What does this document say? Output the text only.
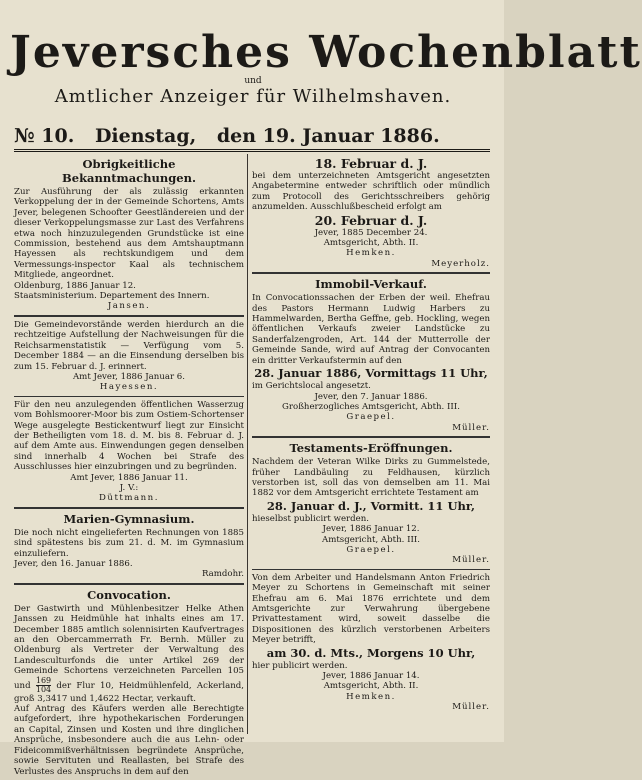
Jeversches Wochenblatt
und
Amtlicher Anzeiger für Wilhelmshaven.
№ 10. Dienstag, den 19. Januar 1886.
Obrigkeitliche Bekanntmachungen.
Zur Ausführung der als zulässig erkannten Verkoppelung der in der Gemeinde Schortens, Amts Jever, belegenen Schoofter Geestländereien und der dieser Verkoppelungsmasse zur Last des Verfahrens etwa noch hinzuzulegenden Grundstücke ist eine Commission, bestehend aus dem Amtshauptmann Hayessen als rechtskundigem und dem Vermessungs-inspector Kaal als technischem Mitgliede, angeordnet.
Oldenburg, 1886 Januar 12.
Staatsministerium. Departement des Innern.
Jansen.
Die Gemeindevorstände werden hierdurch an die rechtzeitige Aufstellung der Nachweisungen für die Reichsarmenstatistik — Verfügung vom 5. December 1884 — an die Einsendung derselben bis zum 15. Februar d. J. erinnert.
Amt Jever, 1886 Januar 6.
Hayessen.
Für den neu anzulegenden öffentlichen Wasserzug vom Bohlsmoorer-Moor bis zum Ostiem-Schortenser Wege ausgelegte Bestickentwurf liegt zur Einsicht der Betheiligten vom 18. d. M. bis 8. Februar d. J. auf dem Amte aus. Einwendungen gegen denselben sind innerhalb 4 Wochen bei Strafe des Ausschlusses hier einzubringen und zu begründen.
Amt Jever, 1886 Januar 11.
J. V.:
Düttmann.
Marien-Gymnasium.
Die noch nicht eingelieferten Rechnungen von 1885 sind spätestens bis zum 21. d. M. im Gymnasium einzuliefern.
Jever, den 16. Januar 1886.
Ramdohr.
Convocation.
Der Gastwirth und Mühlenbesitzer Helke Athen Janssen zu Heidmühle hat inhalts eines am 17. December 1885 amtlich solennisirten Kaufvertrages an den Obercammerrath Fr. Bernh. Müller zu Oldenburg als Vertreter der Verwaltung des Landesculturfonds die unter Artikel 269 der Gemeinde Schortens verzeichneten Parcellen 105 und $\frac{169}{104}$ der Flur 10, Heidmühlenfeld, Ackerland, groß 3,3417 und 1,4622 Hectar, verkauft.
Auf Antrag des Käufers werden alle Berechtigte aufgefordert, ihre hypothekarischen Forderungen an Capital, Zinsen und Kosten und ihre dinglichen Ansprüche, insbesondere auch die aus Lehn- oder Fideicommißverhältnissen begründete Ansprüche, sowie Servituten und Reallasten, bei Strafe des Verlustes des Anspruchs in dem auf den
18. Februar d. J.
bei dem unterzeichneten Amtsgericht angesetzten Angabetermine entweder schriftlich oder mündlich zum Protocoll des Gerichtsschreibers gehörig anzumelden. Ausschlußbescheid erfolgt am
20. Februar d. J.
Jever, 1885 December 24.
Amtsgericht, Abth. II.
Hemken.
Meyerholz.
Immobil-Verkauf.
In Convocationssachen der Erben der weil. Ehefrau des Pastors Hermann Ludwig Harbers zu Hammelwarden, Bertha Geffne, geb. Hockling, wegen öffentlichen Verkaufs zweier Landstücke zu Sanderfalzengroden, Art. 144 der Mutterrolle der Gemeinde Sande, wird auf Antrag der Convocanten ein dritter Verkaufstermin auf den
28. Januar 1886, Vormittags 11 Uhr,
im Gerichtslocal angesetzt.
Jever, den 7. Januar 1886.
Großherzogliches Amtsgericht, Abth. III.
Graepel.
Müller.
Testaments-Eröffnungen.
Nachdem der Veteran Wilke Dirks zu Gummelstede, früher Landbäuling zu Feldhausen, kürzlich verstorben ist, soll das von demselben am 11. Mai 1882 vor dem Amtsgericht errichtete Testament am
28. Januar d. J., Vormitt. 11 Uhr,
hieselbst publicirt werden.
Jever, 1886 Januar 12.
Amtsgericht, Abth. III.
Graepel.
Müller.
Von dem Arbeiter und Handelsmann Anton Friedrich Meyer zu Schortens in Gemeinschaft mit seiner Ehefrau am 6. Mai 1876 errichtete und dem Amtsgerichte zur Verwahrung übergebene Privattestament wird, soweit dasselbe die Dispositionen des kürzlich verstorbenen Arbeiters Meyer betrifft,
am 30. d. Mts., Morgens 10 Uhr,
hier publicirt werden.
Jever, 1886 Januar 14.
Amtsgericht, Abth. II.
Hemken.
Müller.
